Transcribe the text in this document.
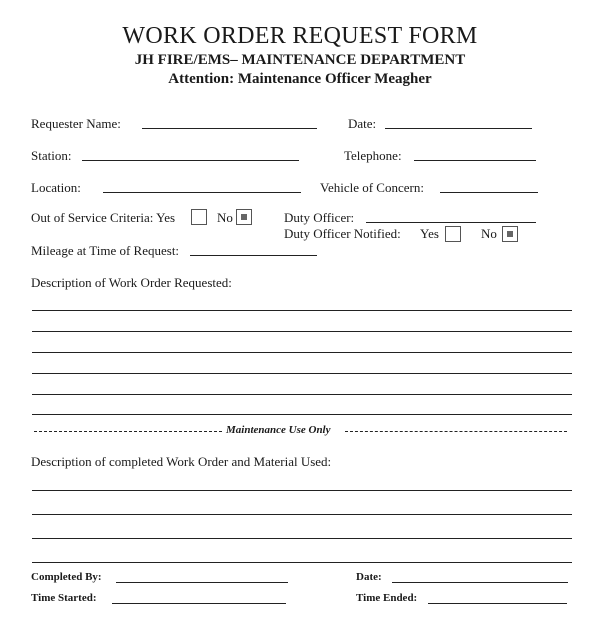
WORK ORDER REQUEST FORM
JH FIRE/EMS– MAINTENANCE DEPARTMENT
Attention: Maintenance Officer Meagher
Requester Name:	Date:
Station:	Telephone:
Location:	Vehicle of Concern:
Out of Service Criteria: Yes	No	Duty Officer:
Duty Officer Notified: Yes	No
Mileage at Time of Request:
Description of Work Order Requested:
Maintenance Use Only
Description of completed Work Order and Material Used:
Completed By:	Date:
Time Started:	Time Ended:
